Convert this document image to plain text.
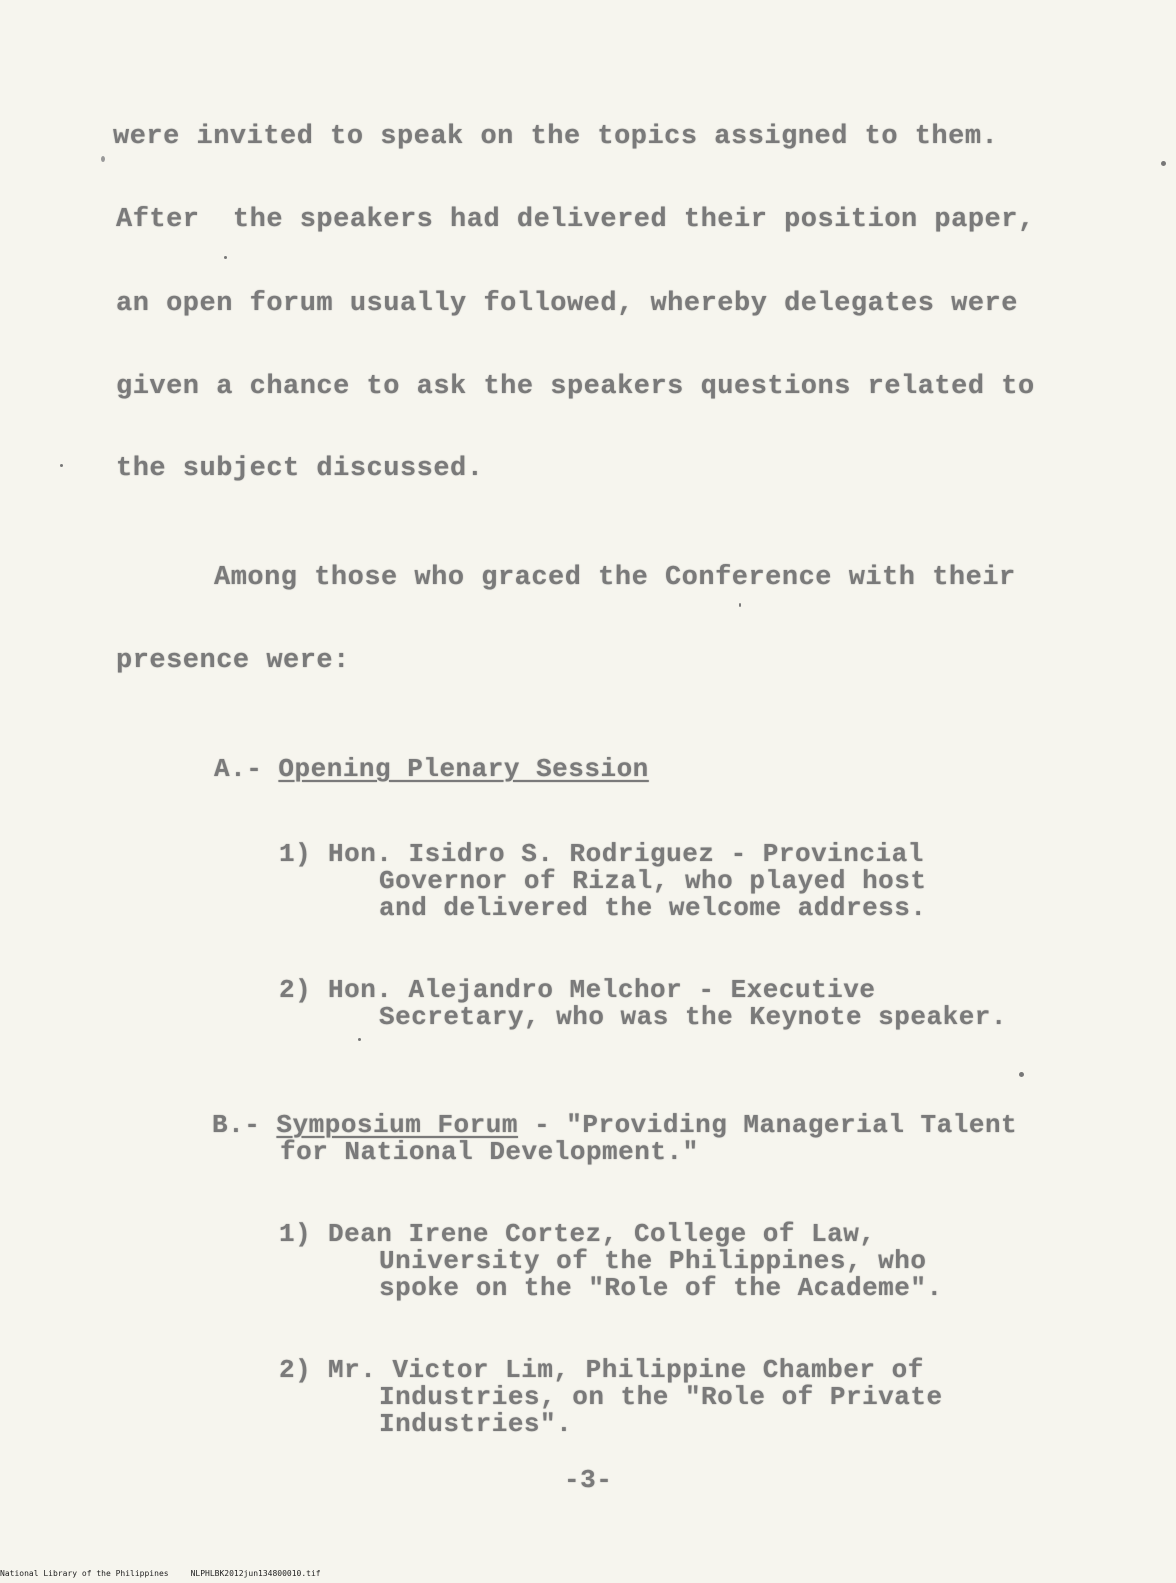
were invited to speak on the topics assigned to them.
After  the speakers had delivered their position paper,
an open forum usually followed, whereby delegates were
given a chance to ask the speakers questions related to
the subject discussed.
Among those who graced the Conference with their
presence were:
A.- Opening Plenary Session
1) Hon. Isidro S. Rodriguez - Provincial
Governor of Rizal, who played host
and delivered the welcome address.
2) Hon. Alejandro Melchor - Executive
Secretary, who was the Keynote speaker.
B.- Symposium Forum - "Providing Managerial Talent
for National Development."
1) Dean Irene Cortez, College of Law,
University of the Philippines, who
spoke on the "Role of the Academe".
2) Mr. Victor Lim, Philippine Chamber of
Industries, on the "Role of Private
Industries".
-3-
National Library of the Philippines	NLPHLBK2012jun134800010.tif
